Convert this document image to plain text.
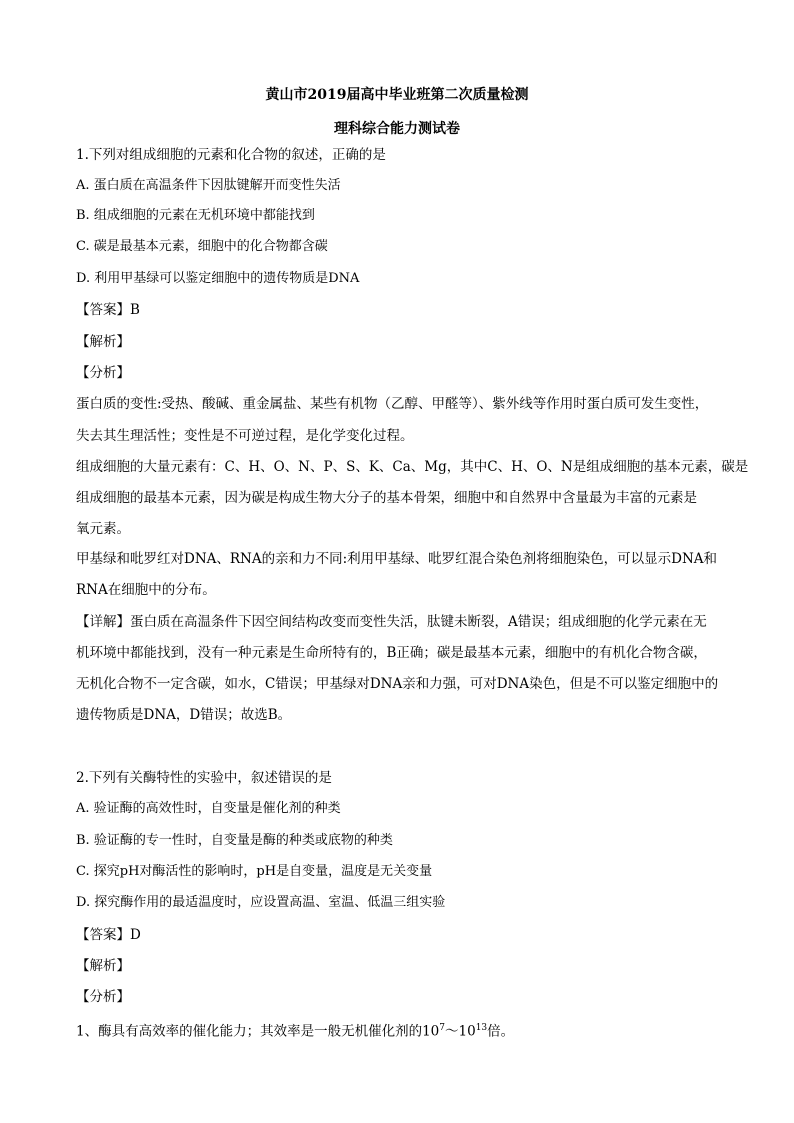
黄山市2019届高中毕业班第二次质量检测
理科综合能力测试卷
1.下列对组成细胞的元素和化合物的叙述，正确的是
A. 蛋白质在高温条件下因肽键解开而变性失活
B. 组成细胞的元素在无机环境中都能找到
C. 碳是最基本元素，细胞中的化合物都含碳
D. 利用甲基绿可以鉴定细胞中的遗传物质是DNA
【答案】B
【解析】
【分析】
蛋白质的变性:受热、酸碱、重金属盐、某些有机物（乙醇、甲醛等）、紫外线等作用时蛋白质可发生变性，
失去其生理活性；变性是不可逆过程，是化学变化过程。
组成细胞的大量元素有：C、H、O、N、P、S、K、Ca、Mg，其中C、H、O、N是组成细胞的基本元素，碳是
组成细胞的最基本元素，因为碳是构成生物大分子的基本骨架，细胞中和自然界中含量最为丰富的元素是
氧元素。
甲基绿和吡罗红对DNA、RNA的亲和力不同:利用甲基绿、吡罗红混合染色剂将细胞染色，可以显示DNA和
RNA在细胞中的分布。
【详解】蛋白质在高温条件下因空间结构改变而变性失活，肽键未断裂，A错误；组成细胞的化学元素在无
机环境中都能找到，没有一种元素是生命所特有的，B正确；碳是最基本元素，细胞中的有机化合物含碳，
无机化合物不一定含碳，如水，C错误；甲基绿对DNA亲和力强，可对DNA染色，但是不可以鉴定细胞中的
遗传物质是DNA，D错误；故选B。
2.下列有关酶特性的实验中，叙述错误的是
A. 验证酶的高效性时，自变量是催化剂的种类
B. 验证酶的专一性时，自变量是酶的种类或底物的种类
C. 探究pH对酶活性的影响时，pH是自变量，温度是无关变量
D. 探究酶作用的最适温度时，应设置高温、室温、低温三组实验
【答案】D
【解析】
【分析】
1、酶具有高效率的催化能力；其效率是一般无机催化剂的$10^7\sim 10^{13}$倍。
